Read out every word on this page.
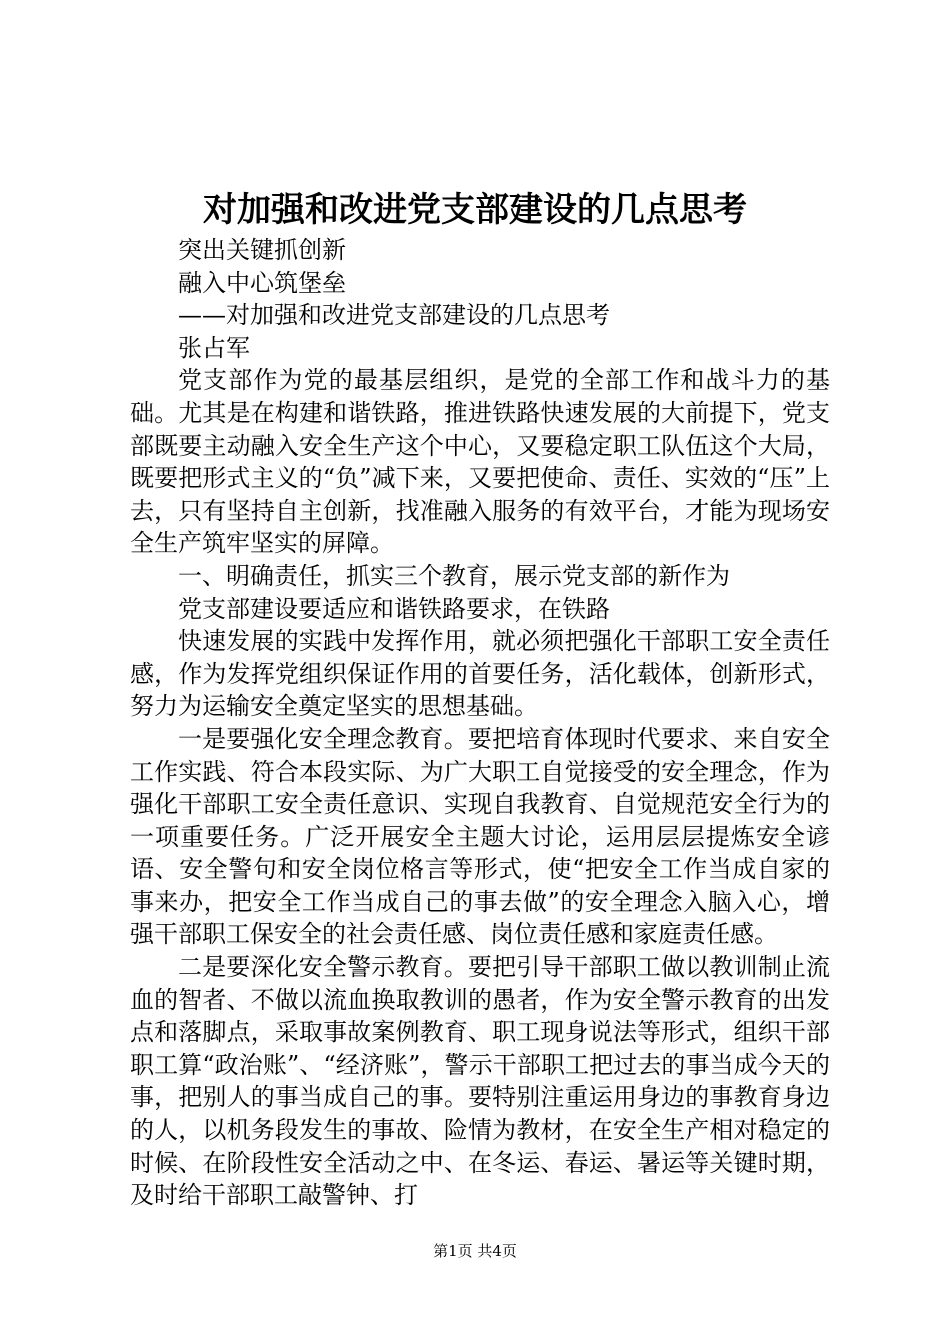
对加强和改进党支部建设的几点思考

突出关键抓创新

融入中心筑堡垒

——对加强和改进党支部建设的几点思考

张占军

党支部作为党的最基层组织，是党的全部工作和战斗力的基础。尤其是在构建和谐铁路，推进铁路快速发展的大前提下，党支部既要主动融入安全生产这个中心，又要稳定职工队伍这个大局，既要把形式主义的“负”减下来，又要把使命、责任、实效的“压”上去，只有坚持自主创新，找准融入服务的有效平台，才能为现场安全生产筑牢坚实的屏障。

一、明确责任，抓实三个教育，展示党支部的新作为

党支部建设要适应和谐铁路要求，在铁路

快速发展的实践中发挥作用，就必须把强化干部职工安全责任感，作为发挥党组织保证作用的首要任务，活化载体，创新形式，努力为运输安全奠定坚实的思想基础。

一是要强化安全理念教育。要把培育体现时代要求、来自安全工作实践、符合本段实际、为广大职工自觉接受的安全理念，作为强化干部职工安全责任意识、实现自我教育、自觉规范安全行为的一项重要任务。广泛开展安全主题大讨论，运用层层提炼安全谚语、安全警句和安全岗位格言等形式，使“把安全工作当成自家的事来办，把安全工作当成自己的事去做”的安全理念入脑入心，增强干部职工保安全的社会责任感、岗位责任感和家庭责任感。

二是要深化安全警示教育。要把引导干部职工做以教训制止流血的智者、不做以流血换取教训的愚者，作为安全警示教育的出发点和落脚点，采取事故案例教育、职工现身说法等形式，组织干部职工算“政治账”、“经济账”，警示干部职工把过去的事当成今天的事，把别人的事当成自己的事。要特别注重运用身边的事教育身边的人，以机务段发生的事故、险情为教材，在安全生产相对稳定的时候、在阶段性安全活动之中、在冬运、春运、暑运等关键时期，及时给干部职工敲警钟、打

第1页 共4页
